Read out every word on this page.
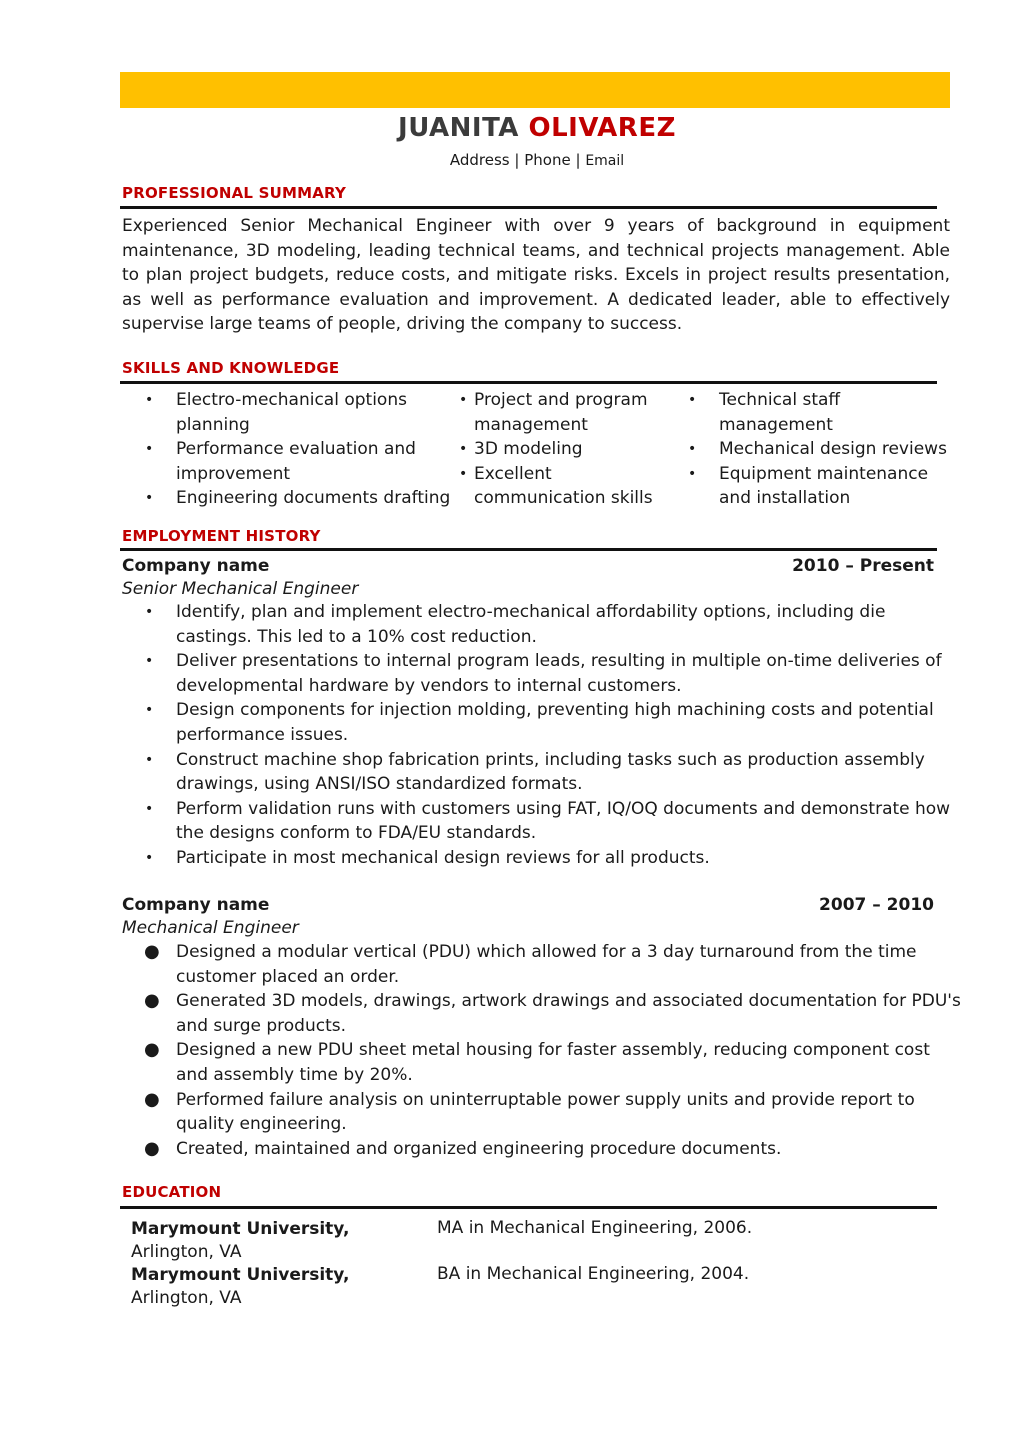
JUANITA OLIVAREZ
Address | Phone | Email
PROFESSIONAL SUMMARY
Experienced Senior Mechanical Engineer with over 9 years of background in equipment maintenance, 3D modeling, leading technical teams, and technical projects management. Able to plan project budgets, reduce costs, and mitigate risks. Excels in project results presentation, as well as performance evaluation and improvement. A dedicated leader, able to effectively supervise large teams of people, driving the company to success.
SKILLS AND KNOWLEDGE
• Electro-mechanical options planning
• Performance evaluation and improvement
• Engineering documents drafting
• Project and program management
• 3D modeling
• Excellent communication skills
• Technical staff management
• Mechanical design reviews
• Equipment maintenance and installation
EMPLOYMENT HISTORY
Company name	2010 – Present
Senior Mechanical Engineer
• Identify, plan and implement electro-mechanical affordability options, including die castings. This led to a 10% cost reduction.
• Deliver presentations to internal program leads, resulting in multiple on-time deliveries of developmental hardware by vendors to internal customers.
• Design components for injection molding, preventing high machining costs and potential performance issues.
• Construct machine shop fabrication prints, including tasks such as production assembly drawings, using ANSI/ISO standardized formats.
• Perform validation runs with customers using FAT, IQ/OQ documents and demonstrate how the designs conform to FDA/EU standards.
• Participate in most mechanical design reviews for all products.
Company name	2007 – 2010
Mechanical Engineer
● Designed a modular vertical (PDU) which allowed for a 3 day turnaround from the time customer placed an order.
● Generated 3D models, drawings, artwork drawings and associated documentation for PDU's and surge products.
● Designed a new PDU sheet metal housing for faster assembly, reducing component cost and assembly time by 20%.
● Performed failure analysis on uninterruptable power supply units and provide report to quality engineering.
● Created, maintained and organized engineering procedure documents.
EDUCATION
Marymount University,
Arlington, VA
MA in Mechanical Engineering, 2006.
Marymount University,
Arlington, VA
BA in Mechanical Engineering, 2004.
